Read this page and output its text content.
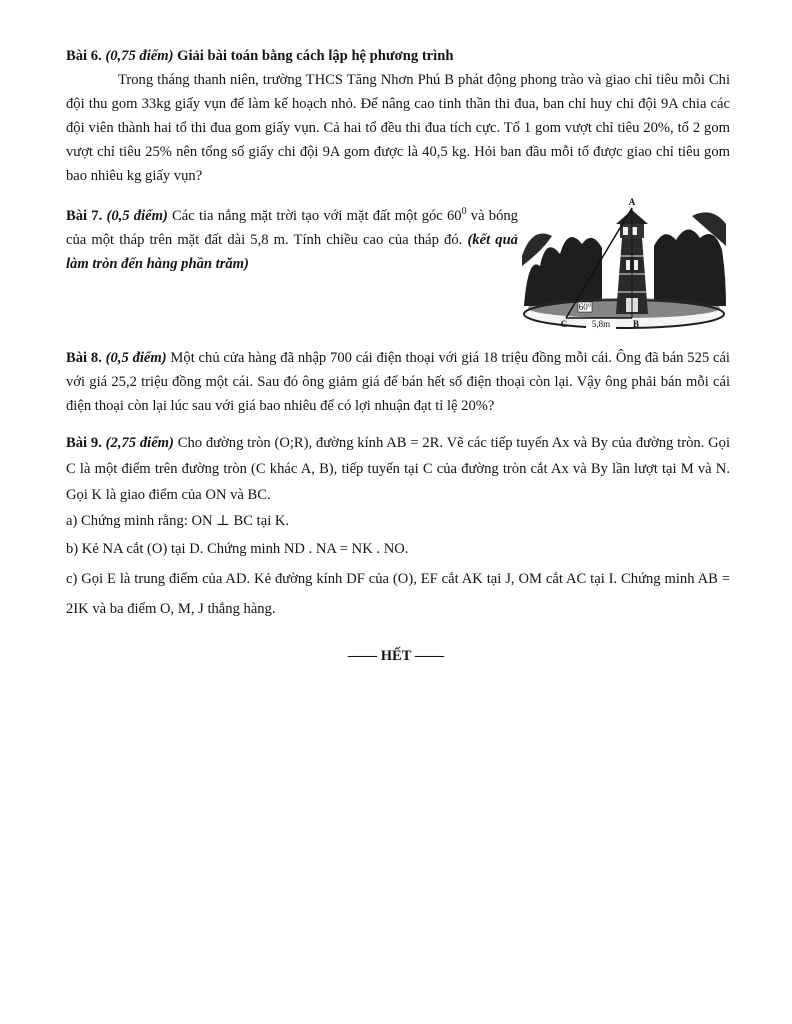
Bài 6. (0,75 điểm) Giải bài toán bằng cách lập hệ phương trình

Trong tháng thanh niên, trường THCS Tăng Nhơn Phú B phát động phong trào và giao chỉ tiêu mỗi Chi đội thu gom 33kg giấy vụn để làm kế hoạch nhỏ. Để nâng cao tinh thần thi đua, ban chỉ huy chi đội 9A chia các đội viên thành hai tổ thi đua gom giấy vụn. Cả hai tổ đều thi đua tích cực. Tổ 1 gom vượt chỉ tiêu 20%, tổ 2 gom vượt chỉ tiêu 25% nên tổng số giấy chi đội 9A gom được là 40,5 kg. Hỏi ban đầu mỗi tổ được giao chỉ tiêu gom bao nhiêu kg giấy vụn?

Bài 7. (0,5 điểm) Các tia nắng mặt trời tạo với mặt đất một góc $60^0$ và bóng của một tháp trên mặt đất dài 5,8 m. Tính chiều cao của tháp đó. (kết quả làm tròn đến hàng phần trăm)

60°
A
C	5,8m	B

Bài 8. (0,5 điểm) Một chủ cửa hàng đã nhập 700 cái điện thoại với giá 18 triệu đồng mỗi cái. Ông đã bán 525 cái với giá 25,2 triệu đồng một cái. Sau đó ông giảm giá để bán hết số điện thoại còn lại. Vậy ông phải bán mỗi cái điện thoại còn lại lúc sau với giá bao nhiêu để có lợi nhuận đạt tỉ lệ 20%?

Bài 9. (2,75 điểm) Cho đường tròn (O;R), đường kính AB = 2R. Vẽ các tiếp tuyến Ax và By của đường tròn. Gọi C là một điểm trên đường tròn (C khác A, B), tiếp tuyến tại C của đường tròn cắt Ax và By lần lượt tại M và N. Gọi K là giao điểm của ON và BC.

a) Chứng minh rằng: ON ⊥ BC tại K.

b) Kẻ NA cắt (O) tại D. Chứng minh ND . NA = NK . NO.

c) Gọi E là trung điểm của AD. Kẻ đường kính DF của (O), EF cắt AK tại J, OM cắt AC tại I. Chứng minh AB = 2IK và ba điểm O, M, J thẳng hàng.

—— HẾT ——
